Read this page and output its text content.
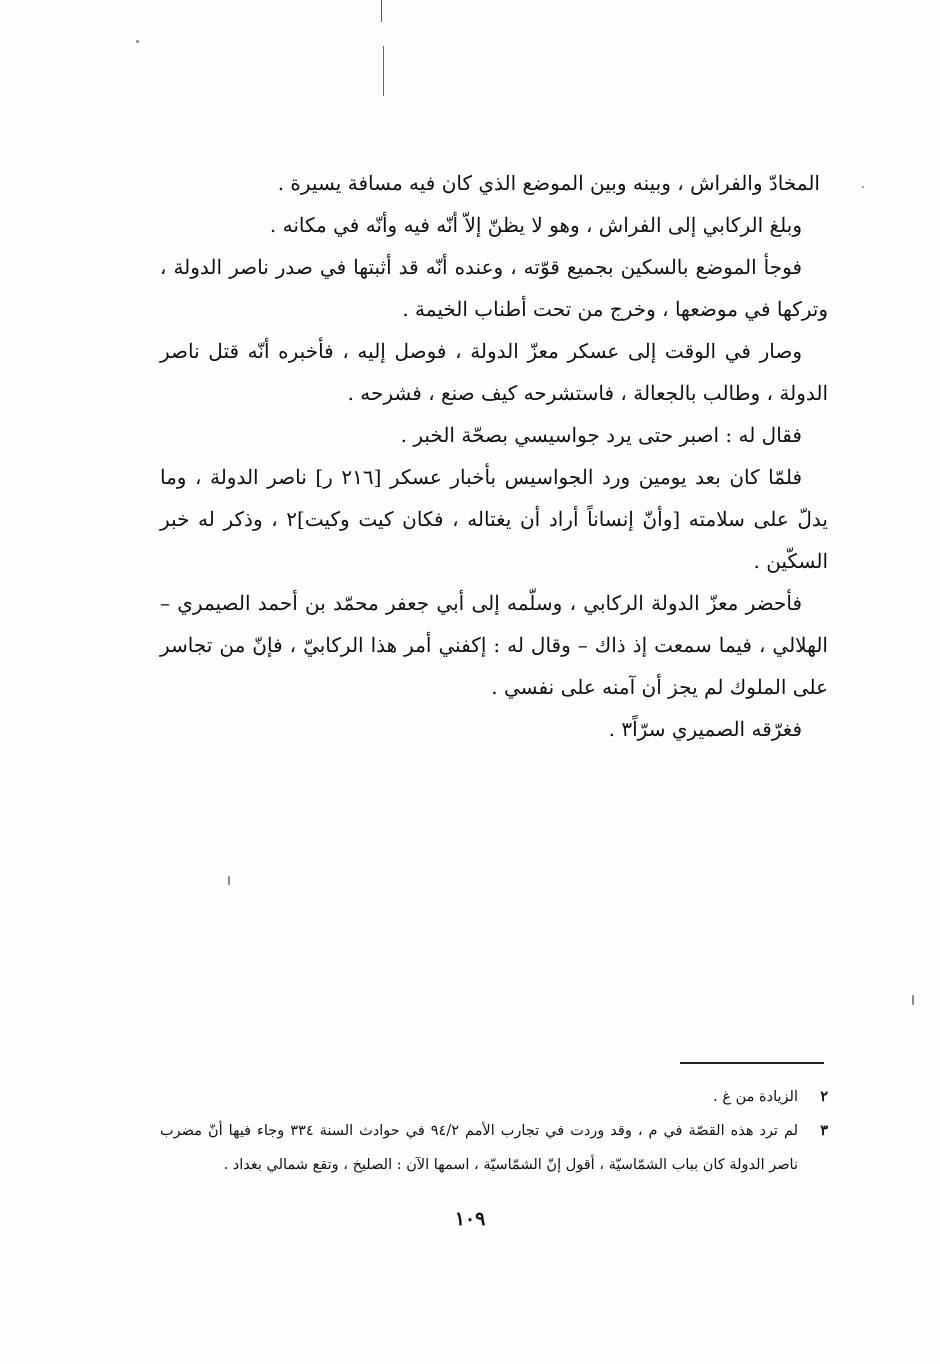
المخادّ والفراش ، وبينه وبين الموضع الذي كان فيه مسافة يسيرة .

وبلغ الركابي إلى الفراش ، وهو لا يظنّ إلاّ أنّه فيه وأنّه في مكانه .

فوجأ الموضع بالسكين بجميع قوّته ، وعنده أنّه قد أثبتها في صدر ناصر الدولة ، وتركها في موضعها ، وخرج من تحت أطناب الخيمة .

وصار في الوقت إلى عسكر معزّ الدولة ، فوصل إليه ، فأخبره أنّه قتل ناصر الدولة ، وطالب بالجعالة ، فاستشرحه كيف صنع ، فشرحه .

فقال له : اصبر حتى يرد جواسيسي بصحّة الخبر .

فلمّا كان بعد يومين ورد الجواسيس بأخبار عسكر [٢١٦ ر] ناصر الدولة ، وما يدلّ على سلامته [وأنّ إنساناً أراد أن يغتاله ، فكان كيت وكيت]٢ ، وذكر له خبر السكّين .

فأحضر معزّ الدولة الركابي ، وسلّمه إلى أبي جعفر محمّد بن أحمد الصيمري – الهلالي ، فيما سمعت إذ ذاك – وقال له : إكفني أمر هذا الركابيّ ، فإنّ من تجاسر على الملوك لم يجز أن آمنه على نفسي .

فغرّقه الصميري سرّاً٣ .

٢
الزيادة من غ .
٣
لم ترد هذه القصّة في م ، وقد وردت في تجارب الأمم ٩٤/٢ في حوادث السنة ٣٣٤ وجاء فيها أنّ مضرب ناصر الدولة كان بباب الشمّاسيّة ، أقول إنّ الشمّاسيّة ، اسمها الآن : الصليخ ، وتقع شمالي بغداد .
١٠٩
